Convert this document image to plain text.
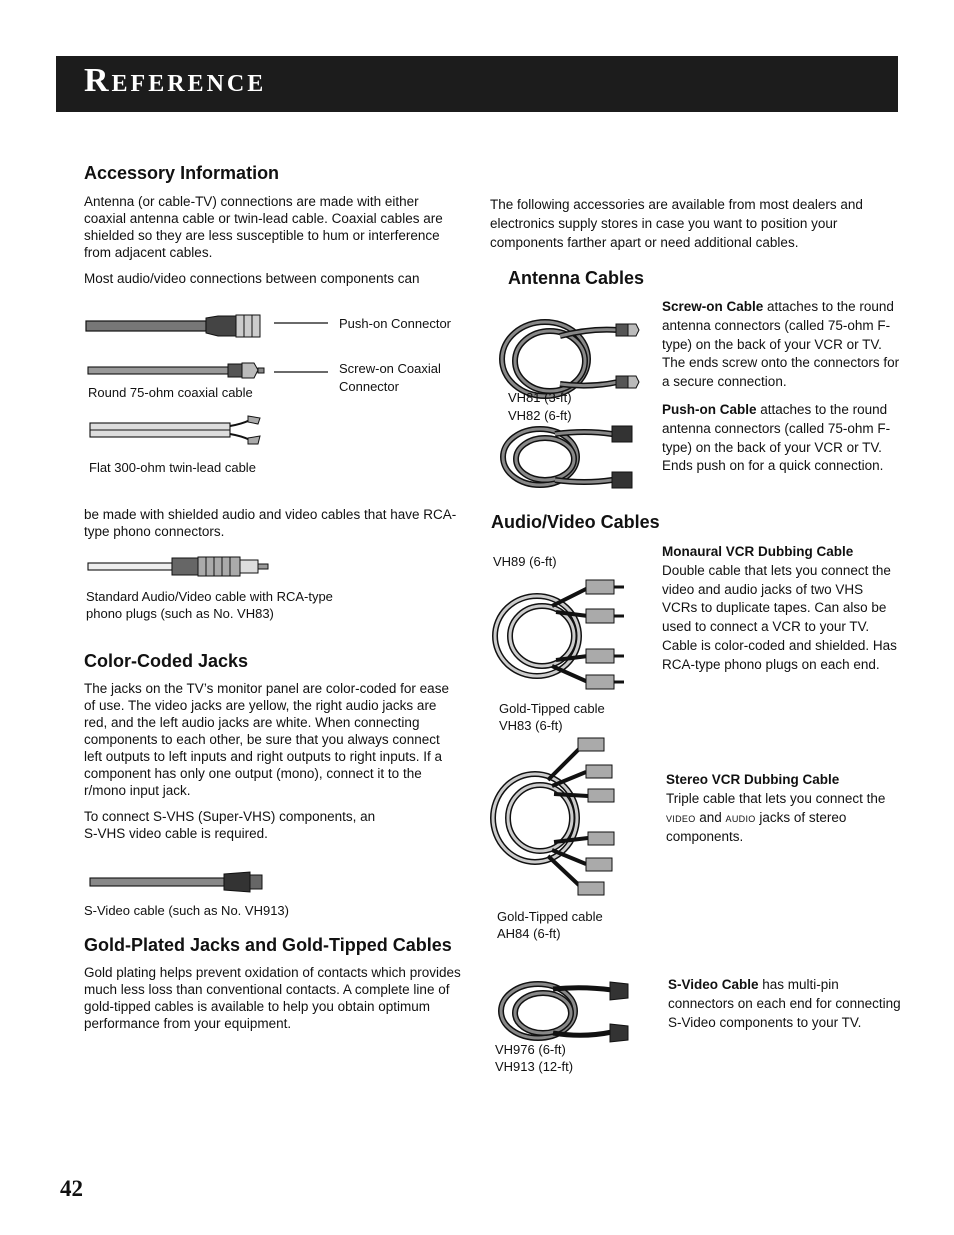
Reference
Accessory Information

Antenna (or cable-TV) connections are made with either coaxial antenna cable or twin-lead cable. Coaxial cables are shielded so they are less susceptible to hum or interference from adjacent cables.

Most audio/video connections between components can

Push-on Connector

Screw-on Coaxial

Connector

Round 75-ohm coaxial cable

Flat 300-ohm twin-lead cable

be made with shielded audio and video cables that have RCA-type phono connectors.

Standard Audio/Video cable with RCA-type

phono plugs (such as No. VH83)

Color-Coded Jacks

The jacks on the TV’s monitor panel are color-coded for ease of use. The video jacks are yellow, the right audio jacks are red, and the left audio jacks are white. When connecting components to each other, be sure that you always connect left outputs to left inputs and right outputs to right inputs. If a component has only one output (mono), connect it to the r/mono input jack.

To connect S-VHS (Super-VHS) components, an

S-VHS video cable is required.

S-Video cable (such as No. VH913)

Gold-Plated Jacks and Gold-Tipped Cables

Gold plating helps prevent oxidation of contacts which provides much less loss than conventional contacts. A complete line of gold-tipped cables is available to help you obtain optimum performance from your equipment.

The following accessories are available from most dealers and electronics supply stores in case you want to position your components farther apart or need additional cables.

Antenna Cables

VH81 (3-ft)

VH82 (6-ft)

Screw-on Cable attaches to the round antenna connectors (called 75-ohm F-type) on the back of your VCR or TV. The ends screw onto the connectors for a secure connection.

Push-on Cable attaches to the round antenna connectors (called 75-ohm F-type) on the back of your VCR or TV. Ends push on for a quick connection.

Audio/Video Cables

VH89 (6-ft)

Monaural VCR Dubbing Cable
Double cable that lets you connect the video and audio jacks of two VHS VCRs to duplicate tapes. Can also be used to connect a VCR to your TV. Cable is color-coded and shielded. Has RCA-type phono plugs on each end.

Gold-Tipped cable

VH83 (6-ft)

Stereo VCR Dubbing Cable
Triple cable that lets you connect the VIDEO and AUDIO jacks of stereo components.

Gold-Tipped cable

AH84 (6-ft)

S-Video Cable has multi-pin connectors on each end for connecting S-Video components to your TV.

VH976 (6-ft)

VH913 (12-ft)

42
